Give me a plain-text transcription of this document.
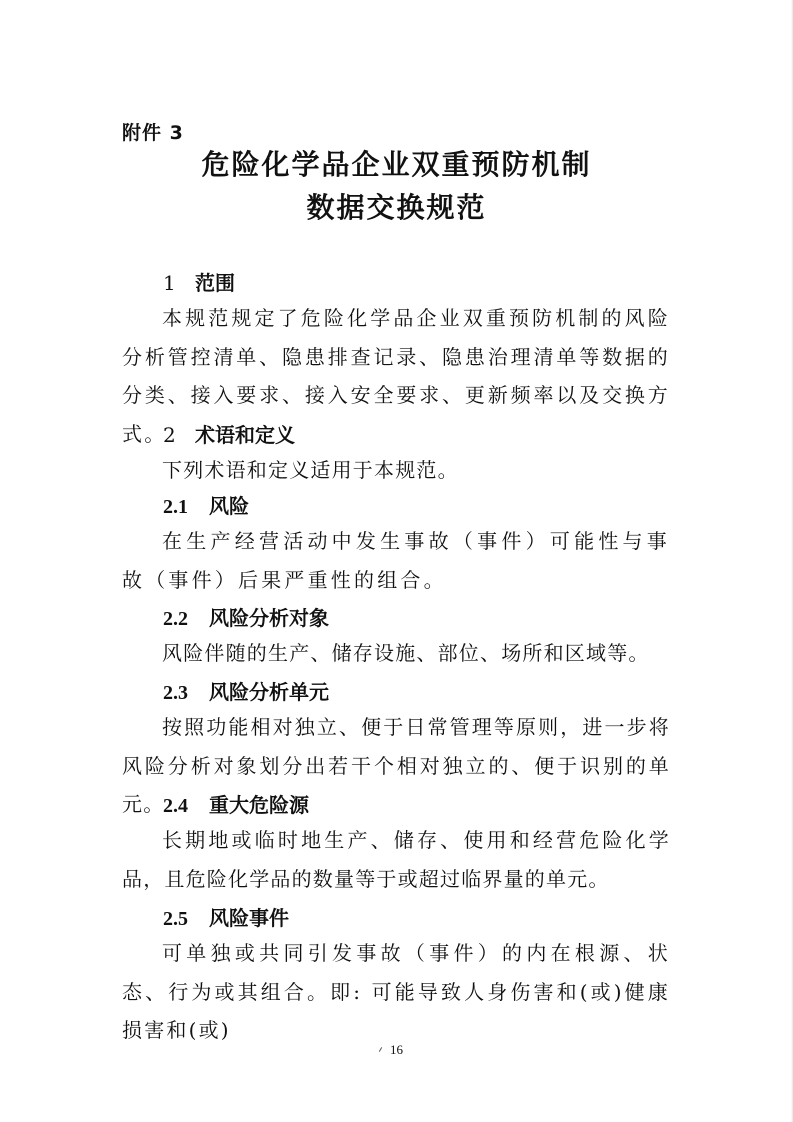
附件 3
危险化学品企业双重预防机制
数据交换规范
1 范围
本规范规定了危险化学品企业双重预防机制的风险分析管控清单、隐患排查记录、隐患治理清单等数据的分类、接入要求、接入安全要求、更新频率以及交换方式。
2 术语和定义
下列术语和定义适用于本规范。
2.1 风险
在生产经营活动中发生事故（事件）可能性与事故（事件）后果严重性的组合。
2.2 风险分析对象
风险伴随的生产、储存设施、部位、场所和区域等。
2.3 风险分析单元
按照功能相对独立、便于日常管理等原则，进一步将风险分析对象划分出若干个相对独立的、便于识别的单元。
2.4 重大危险源
长期地或临时地生产、储存、使用和经营危险化学品，且危险化学品的数量等于或超过临界量的单元。
2.5 风险事件
可单独或共同引发事故（事件）的内在根源、状态、行为或其组合。即: 可能导致人身伤害和(或)健康损害和(或)
16
